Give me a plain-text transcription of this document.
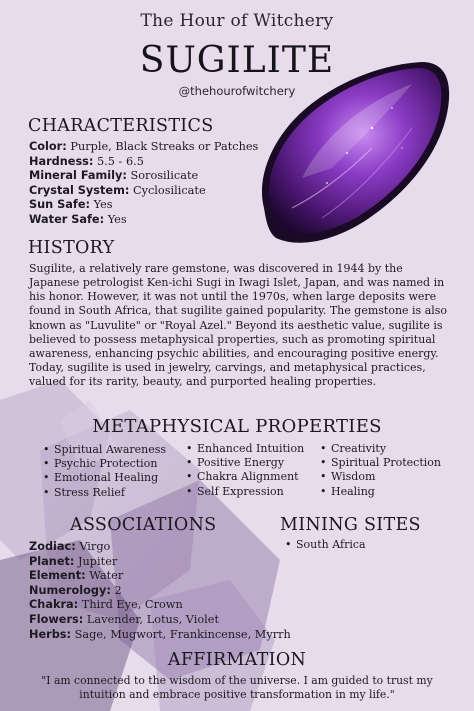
The Hour of Witchery
SUGILITE
@thehourofwitchery
CHARACTERISTICS
Color: Purple, Black Streaks or Patches
Hardness: 5.5 - 6.5
Mineral Family: Sorosilicate
Crystal System: Cyclosilicate
Sun Safe: Yes
Water Safe: Yes
HISTORY
Sugilite, a relatively rare gemstone, was discovered in 1944 by the Japanese petrologist Ken-ichi Sugi in Iwagi Islet, Japan, and was named in his honor. However, it was not until the 1970s, when large deposits were found in South Africa, that sugilite gained popularity. The gemstone is also known as "Luvulite" or "Royal Azel." Beyond its aesthetic value, sugilite is believed to possess metaphysical properties, such as promoting spiritual awareness, enhancing psychic abilities, and encouraging positive energy. Today, sugilite is used in jewelry, carvings, and metaphysical practices, valued for its rarity, beauty, and purported healing properties.
METAPHYSICAL PROPERTIES
• Spiritual Awareness
• Psychic Protection
• Emotional Healing
• Stress Relief
• Enhanced Intuition
• Positive Energy
• Chakra Alignment
• Self Expression
• Creativity
• Spiritual Protection
• Wisdom
• Healing
ASSOCIATIONS
Zodiac: Virgo
Planet: Jupiter
Element: Water
Numerology: 2
Chakra: Third Eye, Crown
Flowers: Lavender, Lotus, Violet
Herbs: Sage, Mugwort, Frankincense, Myrrh
MINING SITES
• South Africa
AFFIRMATION
"I am connected to the wisdom of the universe. I am guided to trust my intuition and embrace positive transformation in my life."
